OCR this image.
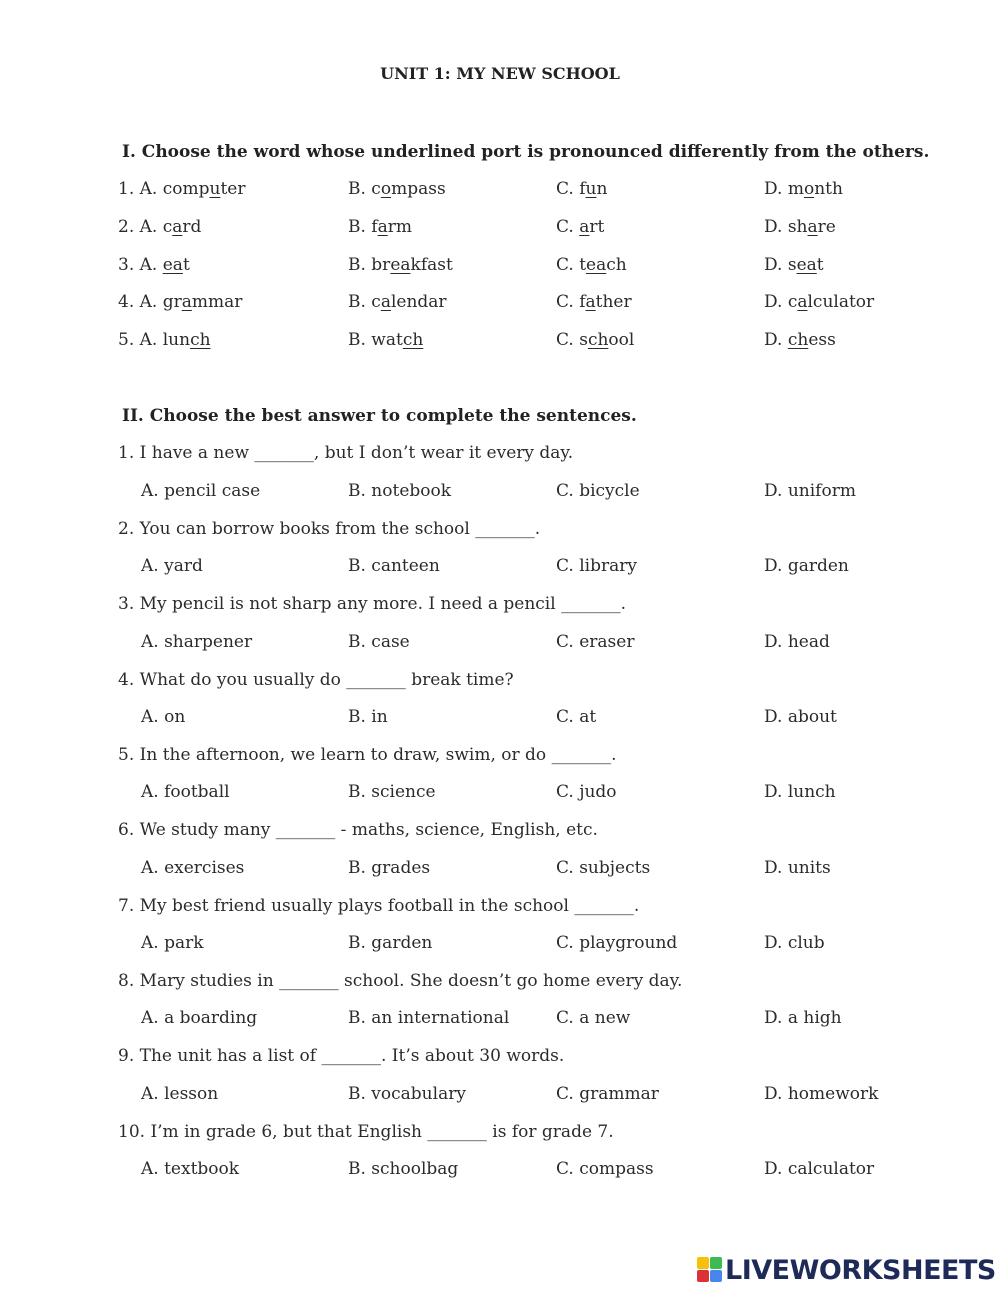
UNIT 1: MY NEW SCHOOL
I. Choose the word whose underlined port is pronounced differently from the others.
1. A. computer	B. compass	C. fun	D. month
2. A. card	B. farm	C. art	D. share
3. A. eat	B. breakfast	C. teach	D. seat
4. A. grammar	B. calendar	C. father	D. calculator
5. A. lunch	B. watch	C. school	D. chess
II. Choose the best answer to complete the sentences.
1. I have a new _______, but I don’t wear it every day.
A. pencil case	B. notebook	C. bicycle	D. uniform
2. You can borrow books from the school _______.
A. yard	B. canteen	C. library	D. garden
3. My pencil is not sharp any more. I need a pencil _______.
A. sharpener	B. case	C. eraser	D. head
4. What do you usually do _______ break time?
A. on	B. in	C. at	D. about
5. In the afternoon, we learn to draw, swim, or do _______.
A. football	B. science	C. judo	D. lunch
6. We study many _______ - maths, science, English, etc.
A. exercises	B. grades	C. subjects	D. units
7. My best friend usually plays football in the school _______.
A. park	B. garden	C. playground	D. club
8. Mary studies in _______ school. She doesn’t go home every day.
A. a boarding	B. an international	C. a new	D. a high
9. The unit has a list of _______. It’s about 30 words.
A. lesson	B. vocabulary	C. grammar	D. homework
10. I’m in grade 6, but that English _______ is for grade 7.
A. textbook	B. schoolbag	C. compass	D. calculator
LIVEWORKSHEETS
